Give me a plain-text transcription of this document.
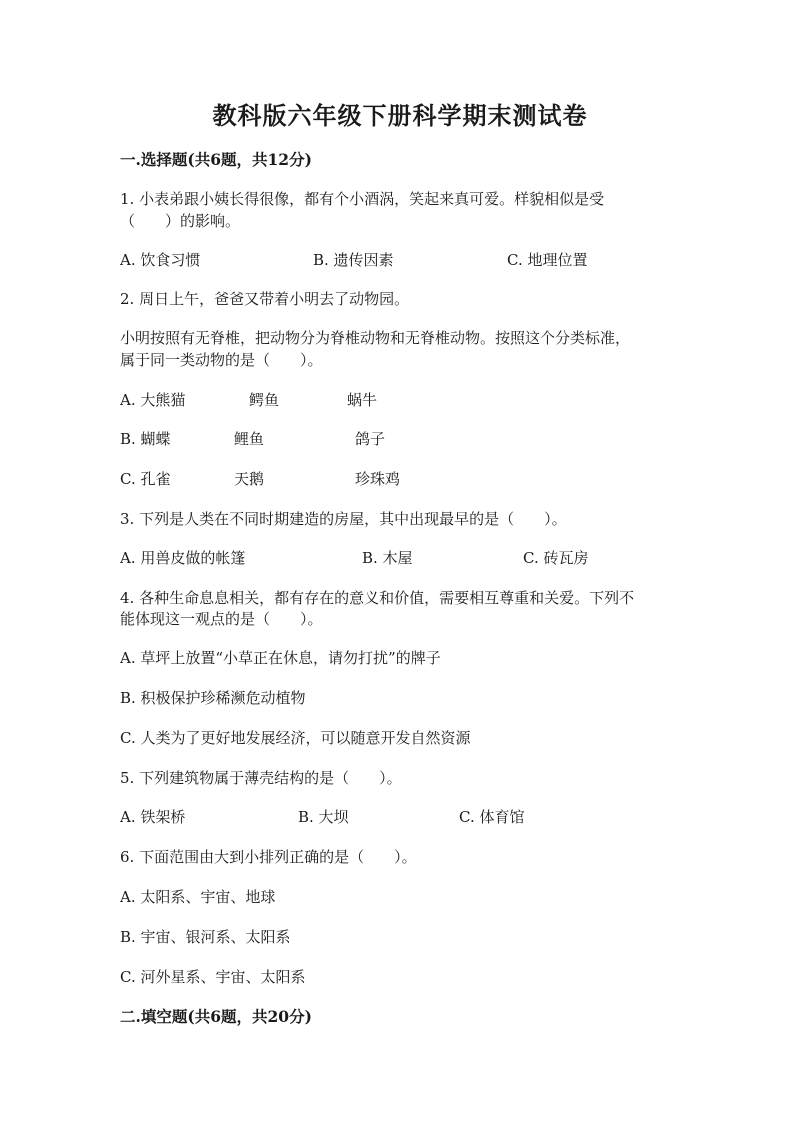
教科版六年级下册科学期末测试卷
一.选择题(共6题，共12分)
1. 小表弟跟小姨长得很像，都有个小酒涡，笑起来真可爱。样貌相似是受
（　　）的影响。
A. 饮食习惯	B. 遗传因素	C. 地理位置
2. 周日上午，爸爸又带着小明去了动物园。
小明按照有无脊椎，把动物分为脊椎动物和无脊椎动物。按照这个分类标准，
属于同一类动物的是（　　）。
A. 大熊猫	鳄鱼	蜗牛
B. 蝴蝶	鲤鱼	鸽子
C. 孔雀	天鹅	珍珠鸡
3. 下列是人类在不同时期建造的房屋，其中出现最早的是（　　）。
A. 用兽皮做的帐篷	B. 木屋	C. 砖瓦房
4. 各种生命息息相关，都有存在的意义和价值，需要相互尊重和关爱。下列不
能体现这一观点的是（　　）。
A. 草坪上放置“小草正在休息，请勿打扰”的牌子
B. 积极保护珍稀濒危动植物
C. 人类为了更好地发展经济，可以随意开发自然资源
5. 下列建筑物属于薄壳结构的是（　　）。
A. 铁架桥	B. 大坝	C. 体育馆
6. 下面范围由大到小排列正确的是（　　）。
A. 太阳系、宇宙、地球
B. 宇宙、银河系、太阳系
C. 河外星系、宇宙、太阳系
二.填空题(共6题，共20分)
